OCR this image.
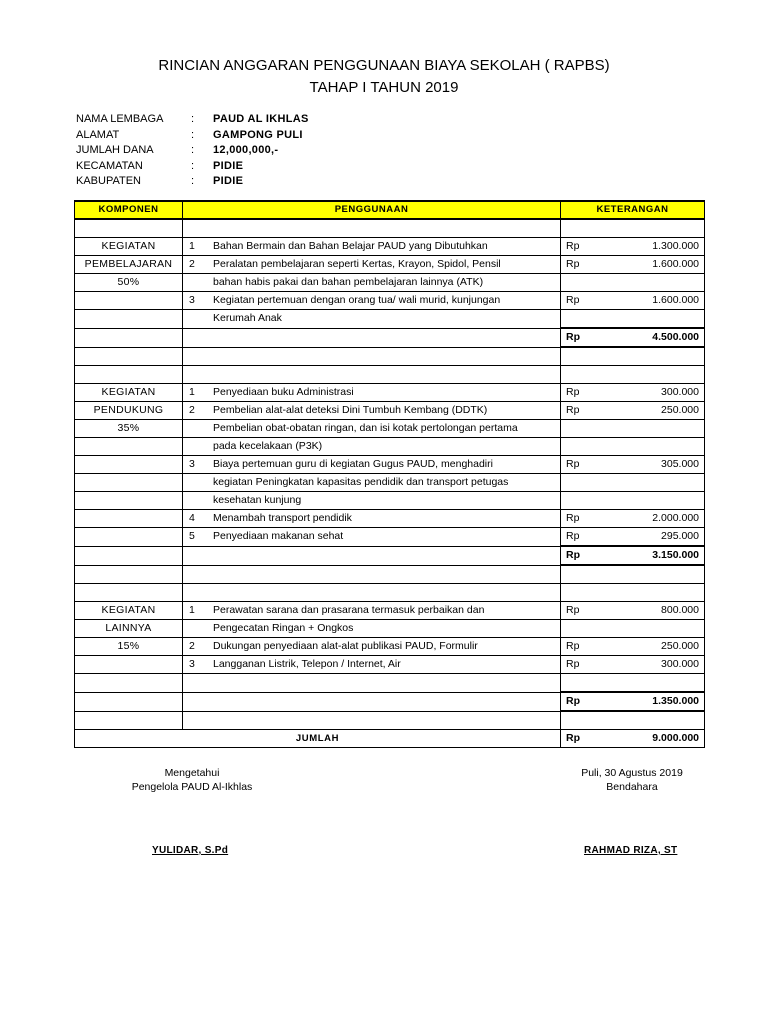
RINCIAN ANGGARAN PENGGUNAAN BIAYA SEKOLAH ( RAPBS)
TAHAP I TAHUN 2019
NAMA LEMBAGA	: PAUD AL IKHLAS
ALAMAT	: GAMPONG PULI
JUMLAH DANA	: 12,000,000,-
KECAMATAN	: PIDIE
KABUPATEN	: PIDIE
KOMPONEN	PENGGUNAAN	KETERANGAN

KEGIATAN	1 Bahan Bermain dan Bahan Belajar PAUD yang Dibutuhkan	Rp 1.300.000

PEMBELAJARAN	2 Peralatan pembelajaran seperti Kertas, Krayon, Spidol, Pensil	Rp 1.600.000

50%	bahan habis pakai dan bahan pembelajaran lainnya (ATK)	

	3 Kegiatan pertemuan dengan orang tua/ wali murid, kunjungan	Rp 1.600.000

	Kerumah Anak	

		Rp 4.500.000

KEGIATAN	1 Penyediaan buku Administrasi	Rp 300.000

PENDUKUNG	2 Pembelian alat-alat deteksi Dini Tumbuh Kembang (DDTK)	Rp 250.000

35%	Pembelian obat-obatan ringan, dan isi kotak pertolongan pertama	

	pada kecelakaan (P3K)	

	3 Biaya pertemuan guru di kegiatan Gugus PAUD, menghadiri	Rp 305.000

	kegiatan Peningkatan kapasitas pendidik dan transport petugas	

	kesehatan kunjung	

	4 Menambah transport pendidik	Rp 2.000.000

	5 Penyediaan makanan sehat	Rp 295.000

		Rp 3.150.000

KEGIATAN	1 Perawatan sarana dan prasarana termasuk perbaikan dan	Rp 800.000

LAINNYA	Pengecatan Ringan + Ongkos	

15%	2 Dukungan penyediaan alat-alat publikasi PAUD, Formulir	Rp 250.000

	3 Langganan Listrik, Telepon / Internet, Air	Rp 300.000

		Rp 1.350.000

JUMLAH		Rp 9.000.000
Mengetahui
Pengelola PAUD Al-Ikhlas
Puli, 30 Agustus 2019
Bendahara
YULIDAR, S.Pd	RAHMAD RIZA, ST
